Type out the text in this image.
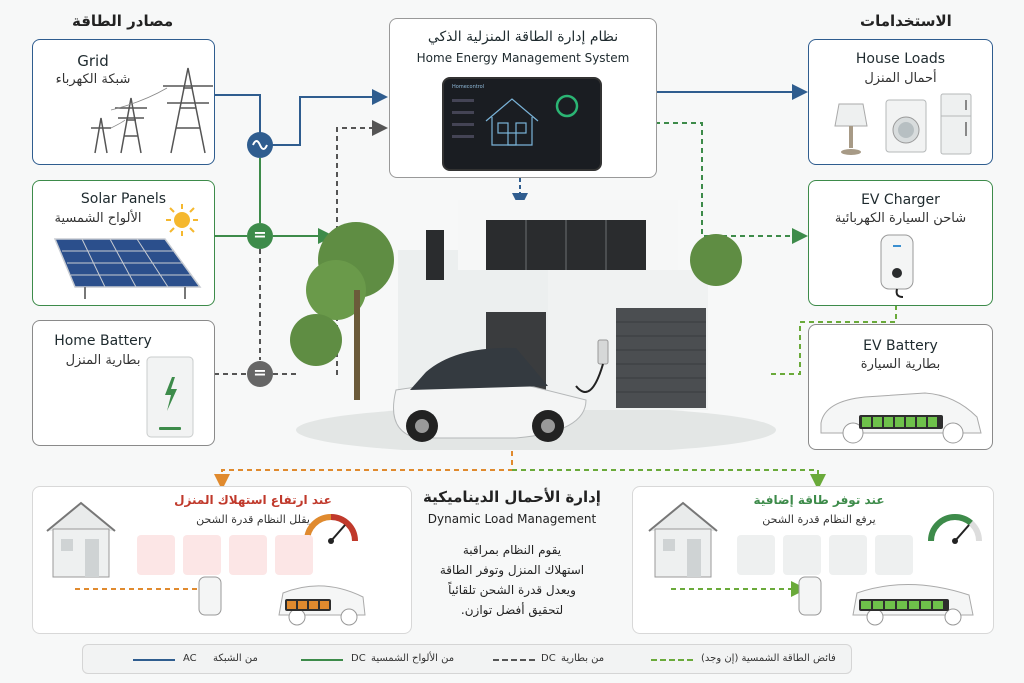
مصادر الطاقة	الاستخدامات
Grid
شبكة الكهرباء
Solar Panels
الألواح الشمسية
Home Battery
بطارية المنزل
=
=
نظام إدارة الطاقة المنزلية الذكي
Home Energy Management System
Homecontrol
House Loads
أحمال المنزل
EV Charger
شاحن السيارة الكهربائية
EV Battery
بطارية السيارة
عند ارتفاع استهلاك المنزل
يقلل النظام قدرة الشحن
إدارة الأحمال الديناميكية
Dynamic Load Management
يقوم النظام بمراقبة
استهلاك المنزل وتوفر الطاقة
ويعدل قدرة الشحن تلقائياً
لتحقيق أفضل توازن.
عند توفر طاقة إضافية
يرفع النظام قدرة الشحن
AC من الشبكة	DC من الألواح الشمسية	DC من بطارية	فائض الطاقة الشمسية (إن وجد)
